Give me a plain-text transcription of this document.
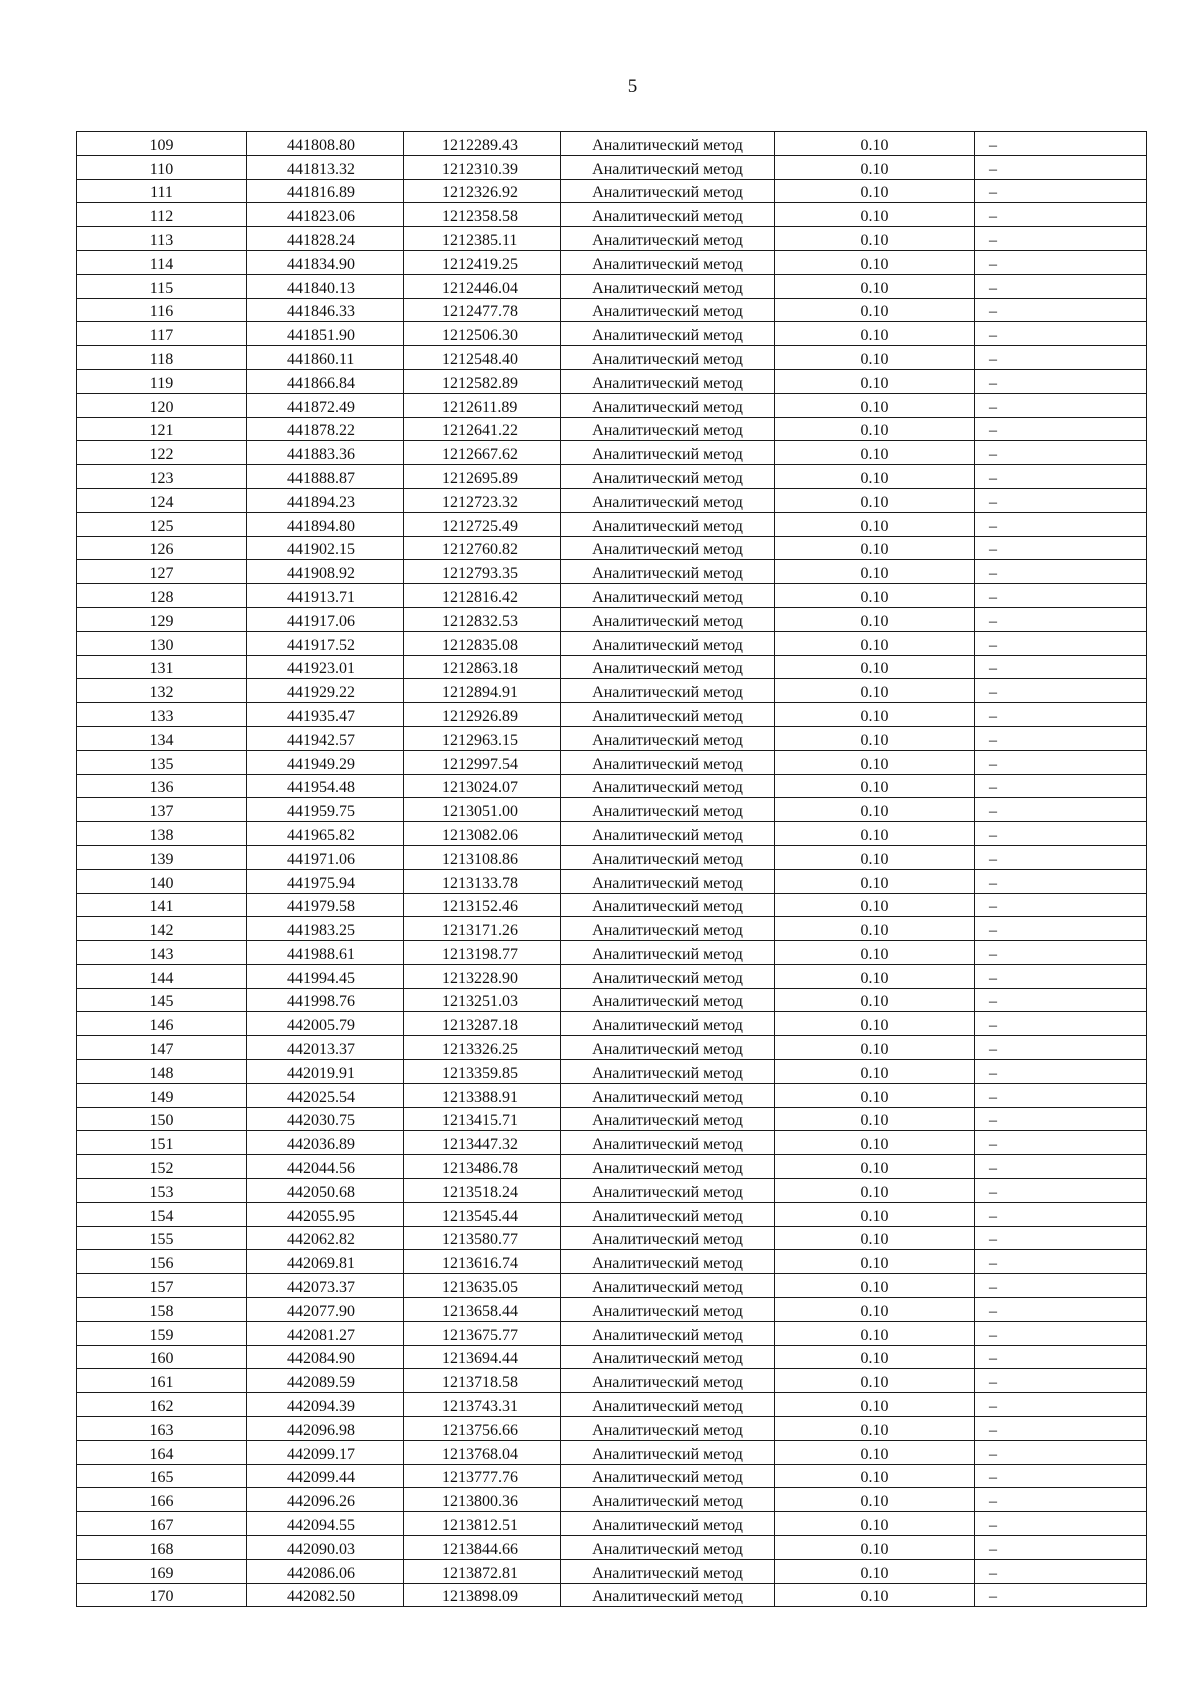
5
109	441808.80	1212289.43	Аналитический метод	0.10	–
110	441813.32	1212310.39	Аналитический метод	0.10	–
111	441816.89	1212326.92	Аналитический метод	0.10	–
112	441823.06	1212358.58	Аналитический метод	0.10	–
113	441828.24	1212385.11	Аналитический метод	0.10	–
114	441834.90	1212419.25	Аналитический метод	0.10	–
115	441840.13	1212446.04	Аналитический метод	0.10	–
116	441846.33	1212477.78	Аналитический метод	0.10	–
117	441851.90	1212506.30	Аналитический метод	0.10	–
118	441860.11	1212548.40	Аналитический метод	0.10	–
119	441866.84	1212582.89	Аналитический метод	0.10	–
120	441872.49	1212611.89	Аналитический метод	0.10	–
121	441878.22	1212641.22	Аналитический метод	0.10	–
122	441883.36	1212667.62	Аналитический метод	0.10	–
123	441888.87	1212695.89	Аналитический метод	0.10	–
124	441894.23	1212723.32	Аналитический метод	0.10	–
125	441894.80	1212725.49	Аналитический метод	0.10	–
126	441902.15	1212760.82	Аналитический метод	0.10	–
127	441908.92	1212793.35	Аналитический метод	0.10	–
128	441913.71	1212816.42	Аналитический метод	0.10	–
129	441917.06	1212832.53	Аналитический метод	0.10	–
130	441917.52	1212835.08	Аналитический метод	0.10	–
131	441923.01	1212863.18	Аналитический метод	0.10	–
132	441929.22	1212894.91	Аналитический метод	0.10	–
133	441935.47	1212926.89	Аналитический метод	0.10	–
134	441942.57	1212963.15	Аналитический метод	0.10	–
135	441949.29	1212997.54	Аналитический метод	0.10	–
136	441954.48	1213024.07	Аналитический метод	0.10	–
137	441959.75	1213051.00	Аналитический метод	0.10	–
138	441965.82	1213082.06	Аналитический метод	0.10	–
139	441971.06	1213108.86	Аналитический метод	0.10	–
140	441975.94	1213133.78	Аналитический метод	0.10	–
141	441979.58	1213152.46	Аналитический метод	0.10	–
142	441983.25	1213171.26	Аналитический метод	0.10	–
143	441988.61	1213198.77	Аналитический метод	0.10	–
144	441994.45	1213228.90	Аналитический метод	0.10	–
145	441998.76	1213251.03	Аналитический метод	0.10	–
146	442005.79	1213287.18	Аналитический метод	0.10	–
147	442013.37	1213326.25	Аналитический метод	0.10	–
148	442019.91	1213359.85	Аналитический метод	0.10	–
149	442025.54	1213388.91	Аналитический метод	0.10	–
150	442030.75	1213415.71	Аналитический метод	0.10	–
151	442036.89	1213447.32	Аналитический метод	0.10	–
152	442044.56	1213486.78	Аналитический метод	0.10	–
153	442050.68	1213518.24	Аналитический метод	0.10	–
154	442055.95	1213545.44	Аналитический метод	0.10	–
155	442062.82	1213580.77	Аналитический метод	0.10	–
156	442069.81	1213616.74	Аналитический метод	0.10	–
157	442073.37	1213635.05	Аналитический метод	0.10	–
158	442077.90	1213658.44	Аналитический метод	0.10	–
159	442081.27	1213675.77	Аналитический метод	0.10	–
160	442084.90	1213694.44	Аналитический метод	0.10	–
161	442089.59	1213718.58	Аналитический метод	0.10	–
162	442094.39	1213743.31	Аналитический метод	0.10	–
163	442096.98	1213756.66	Аналитический метод	0.10	–
164	442099.17	1213768.04	Аналитический метод	0.10	–
165	442099.44	1213777.76	Аналитический метод	0.10	–
166	442096.26	1213800.36	Аналитический метод	0.10	–
167	442094.55	1213812.51	Аналитический метод	0.10	–
168	442090.03	1213844.66	Аналитический метод	0.10	–
169	442086.06	1213872.81	Аналитический метод	0.10	–
170	442082.50	1213898.09	Аналитический метод	0.10	–
